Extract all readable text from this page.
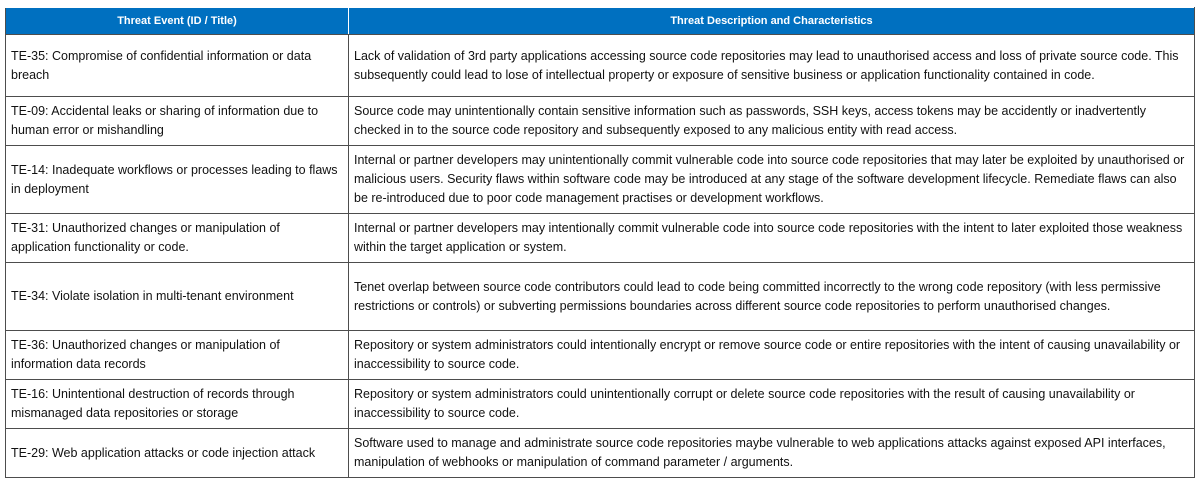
Threat Event (ID / Title)	Threat Description and Characteristics
TE-35: Compromise of confidential information or data breach	Lack of validation of 3rd party applications accessing source code repositories may lead to unauthorised access and loss of private source code. This subsequently could lead to lose of intellectual property or exposure of sensitive business or application functionality contained in code.
TE-09: Accidental leaks or sharing of information due to human error or mishandling	Source code may unintentionally contain sensitive information such as passwords, SSH keys, access tokens may be accidently or inadvertently checked in to the source code repository and subsequently exposed to any malicious entity with read access.
TE-14: Inadequate workflows or processes leading to flaws in deployment	Internal or partner developers may unintentionally commit vulnerable code into source code repositories that may later be exploited by unauthorised or malicious users. Security flaws within software code may be introduced at any stage of the software development lifecycle. Remediate flaws can also be re-introduced due to poor code management practises or development workflows.
TE-31: Unauthorized changes or manipulation of application functionality or code.	Internal or partner developers may intentionally commit vulnerable code into source code repositories with the intent to later exploited those weakness within the target application or system.
TE-34: Violate isolation in multi-tenant environment	Tenet overlap between source code contributors could lead to code being committed incorrectly to the wrong code repository (with less permissive restrictions or controls) or subverting permissions boundaries across different source code repositories to perform unauthorised changes.
TE-36: Unauthorized changes or manipulation of information data records	Repository or system administrators could intentionally encrypt or remove source code or entire repositories with the intent of causing unavailability or inaccessibility to source code.
TE-16: Unintentional destruction of records through mismanaged data repositories or storage	Repository or system administrators could unintentionally corrupt or delete source code repositories with the result of causing unavailability or inaccessibility to source code.
TE-29: Web application attacks or code injection attack	Software used to manage and administrate source code repositories maybe vulnerable to web applications attacks against exposed API interfaces, manipulation of webhooks or manipulation of command parameter / arguments.
